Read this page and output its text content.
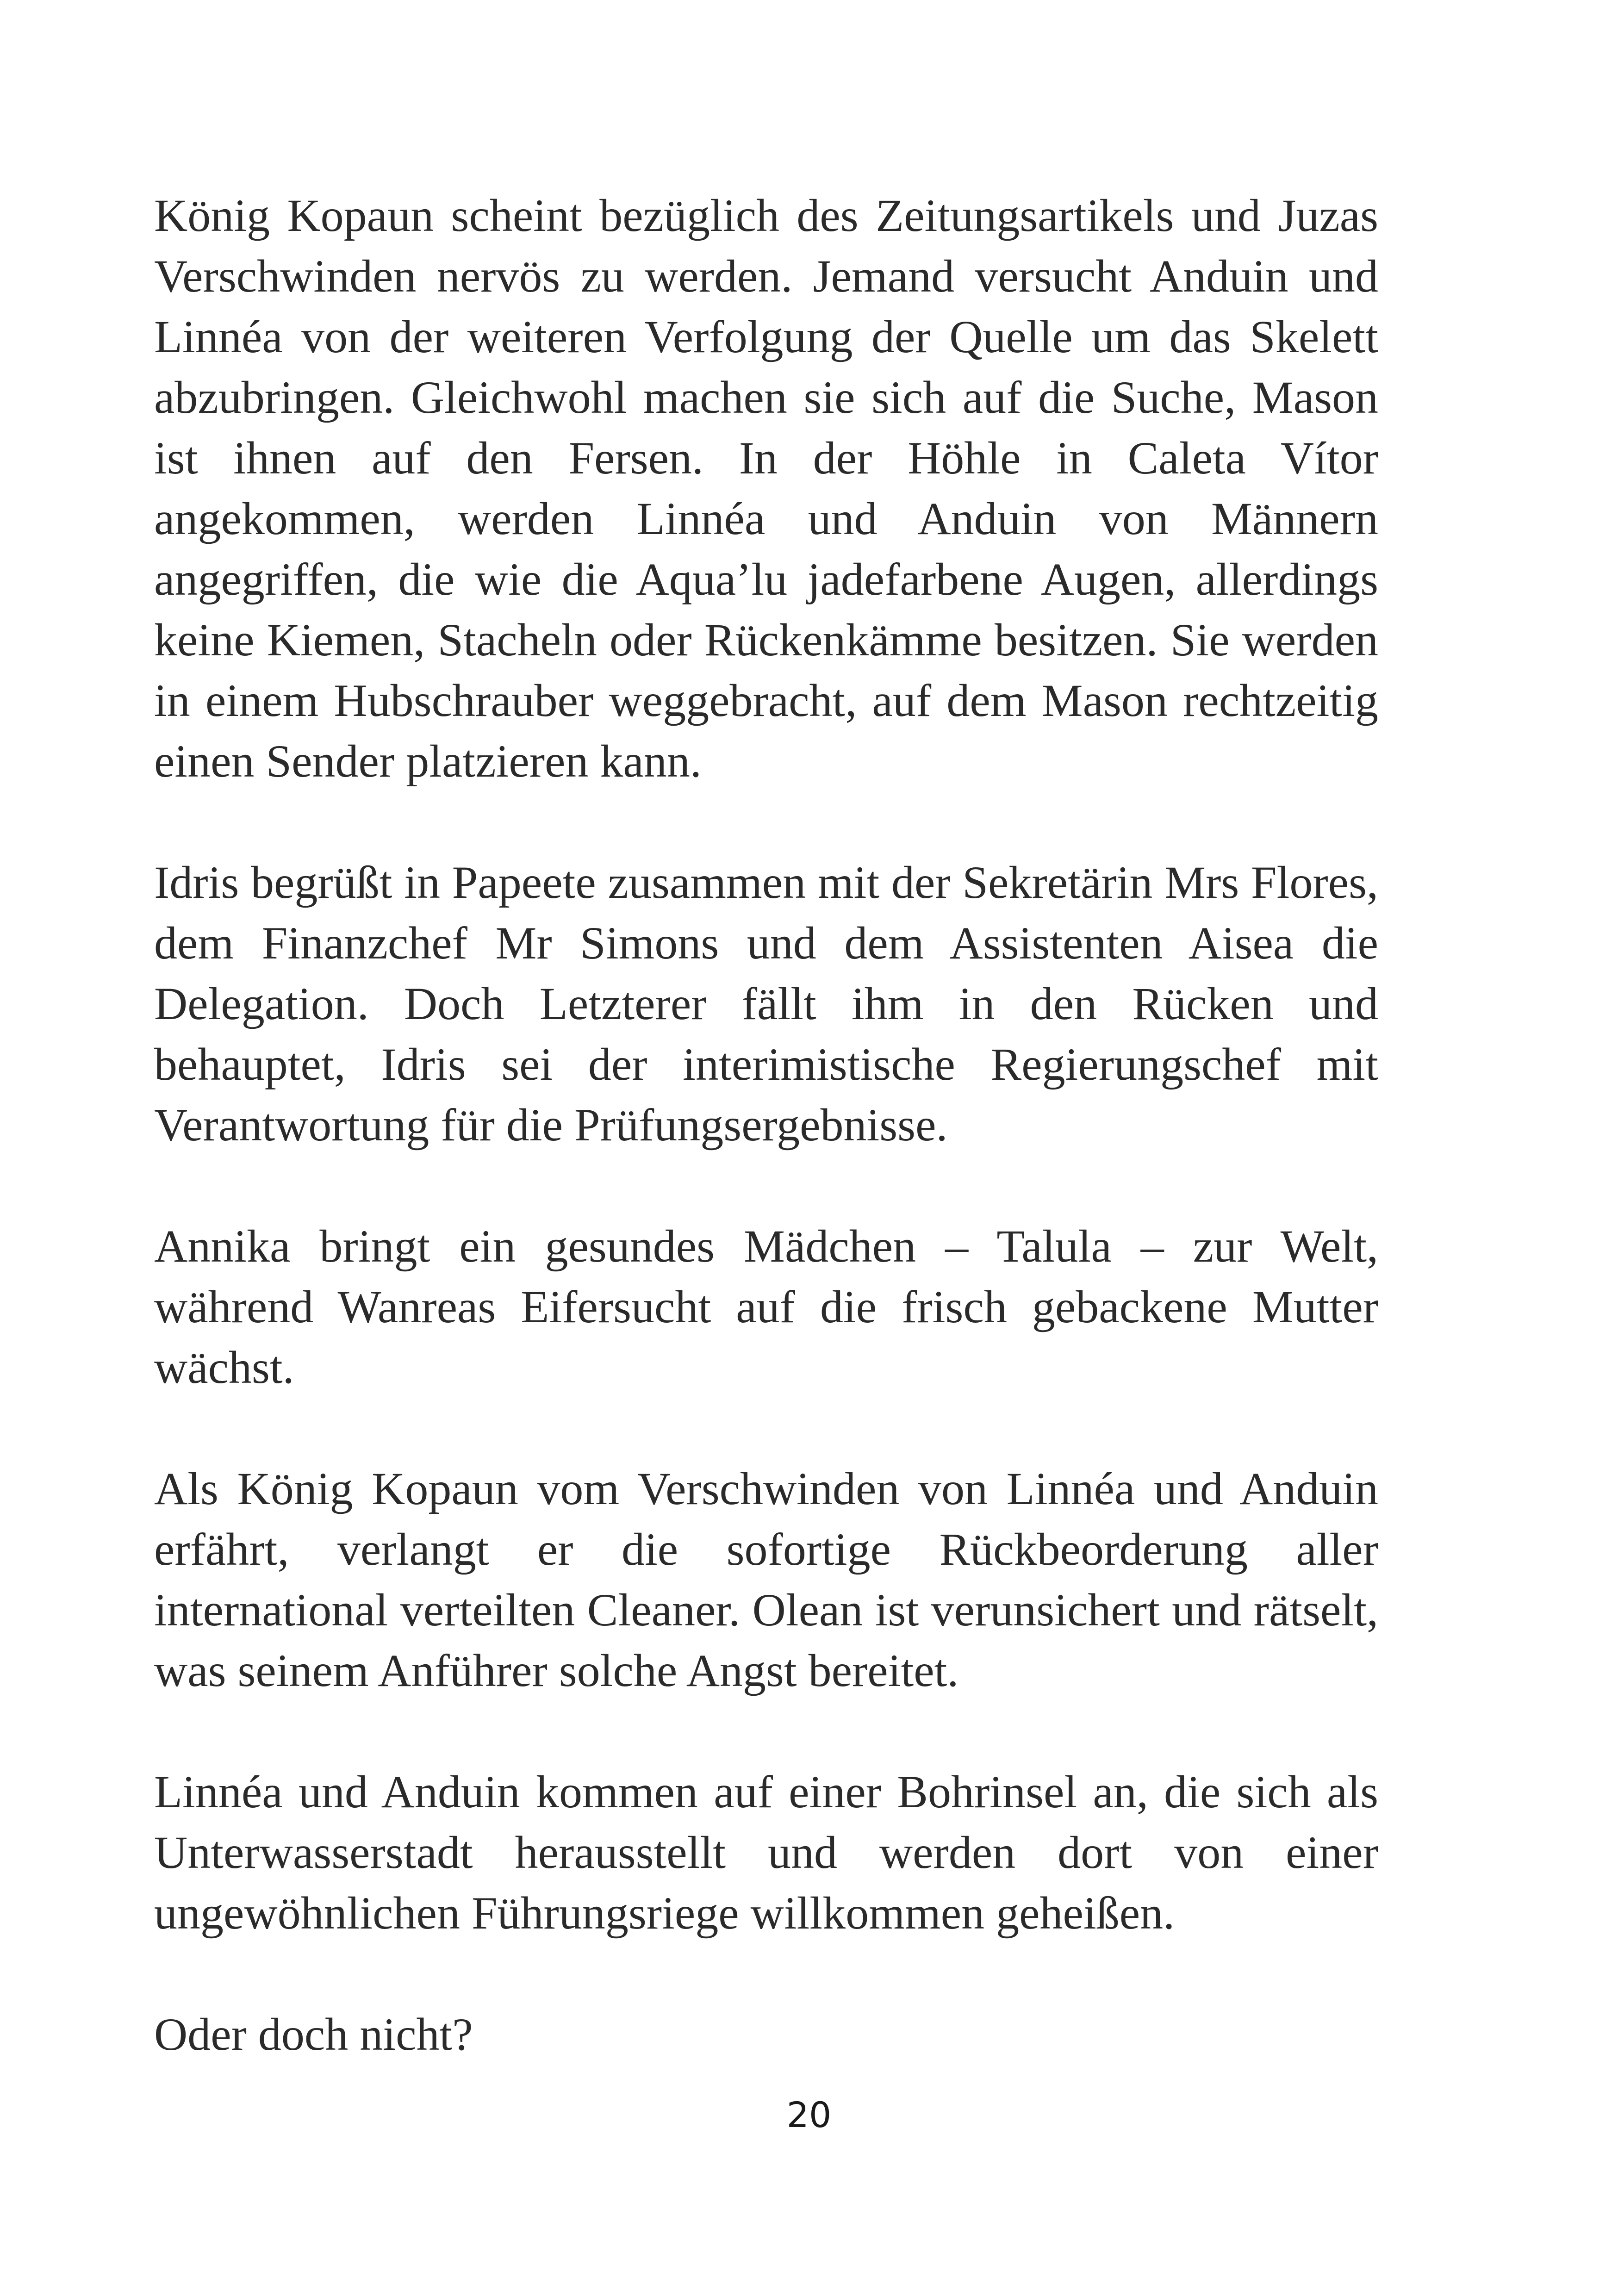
König Kopaun scheint bezüglich des Zeitungsartikels und Juzas Verschwinden nervös zu werden. Jemand versucht Anduin und Linnéa von der weiteren Verfolgung der Quelle um das Skelett abzubringen. Gleichwohl machen sie sich auf die Suche, Mason ist ihnen auf den Fersen. In der Höhle in Caleta Vítor angekommen, werden Linnéa und Anduin von Männern angegriffen, die wie die Aqua’lu jadefarbene Augen, allerdings keine Kiemen, Stacheln oder Rückenkämme besitzen. Sie werden in einem Hubschrauber weggebracht, auf dem Mason rechtzeitig einen Sender platzieren kann.

Idris begrüßt in Papeete zusammen mit der Sekretärin Mrs Flores, dem Finanzchef Mr Simons und dem Assistenten Aisea die Delegation. Doch Letzterer fällt ihm in den Rücken und behauptet, Idris sei der interimistische Regierungschef mit Verantwortung für die Prüfungsergebnisse.

Annika bringt ein gesundes Mädchen – Talula – zur Welt, während Wanreas Eifersucht auf die frisch gebackene Mutter wächst.

Als König Kopaun vom Verschwinden von Linnéa und Anduin erfährt, verlangt er die sofortige Rückbeorderung aller international verteilten Cleaner. Olean ist verunsichert und rätselt, was seinem Anführer solche Angst bereitet.

Linnéa und Anduin kommen auf einer Bohrinsel an, die sich als Unterwasserstadt herausstellt und werden dort von einer ungewöhnlichen Führungsriege willkommen geheißen.

Oder doch nicht?

20
